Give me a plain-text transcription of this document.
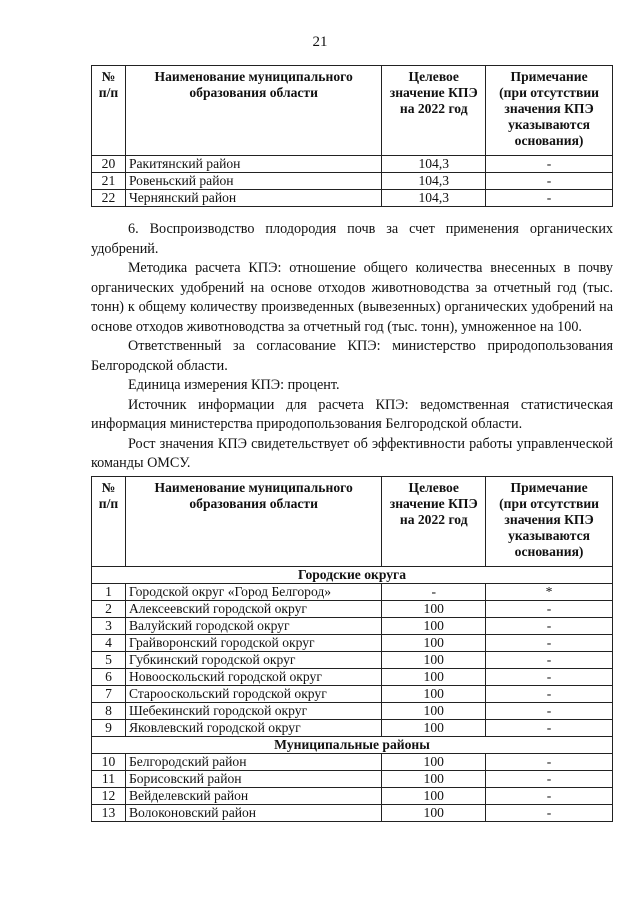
21
№ п/п	Наименование муниципального образования области	Целевое значение КПЭ на 2022 год	Примечание
(при отсутствии значения КПЭ указываются основания)
20	Ракитянский район	104,3	-
21	Ровеньский район	104,3	-
22	Чернянский район	104,3	-

6. Воспроизводство плодородия почв за счет применения органических удобрений.

Методика расчета КПЭ: отношение общего количества внесенных в почву органических удобрений на основе отходов животноводства за отчетный год (тыс. тонн) к общему количеству произведенных (вывезенных) органических удобрений на основе отходов животноводства за отчетный год (тыс. тонн), умноженное на 100.

Ответственный за согласование КПЭ: министерство природопользования Белгородской области.

Единица измерения КПЭ: процент.

Источник информации для расчета КПЭ: ведомственная статистическая информация министерства природопользования Белгородской области.

Рост значения КПЭ свидетельствует об эффективности работы управленческой команды ОМСУ.

№ п/п	Наименование муниципального образования области	Целевое значение КПЭ на 2022 год	Примечание
(при отсутствии значения КПЭ указываются основания)
Городские округа			
1	Городской округ «Город Белгород»	-	*
2	Алексеевский городской округ	100	-
3	Валуйский городской округ	100	-
4	Грайворонский городской округ	100	-
5	Губкинский городской округ	100	-
6	Новооскольский городской округ	100	-
7	Старооскольский городской округ	100	-
8	Шебекинский городской округ	100	-
9	Яковлевский городской округ	100	-
Муниципальные районы			
10	Белгородский район	100	-
11	Борисовский район	100	-
12	Вейделевский район	100	-
13	Волоконовский район	100	-
